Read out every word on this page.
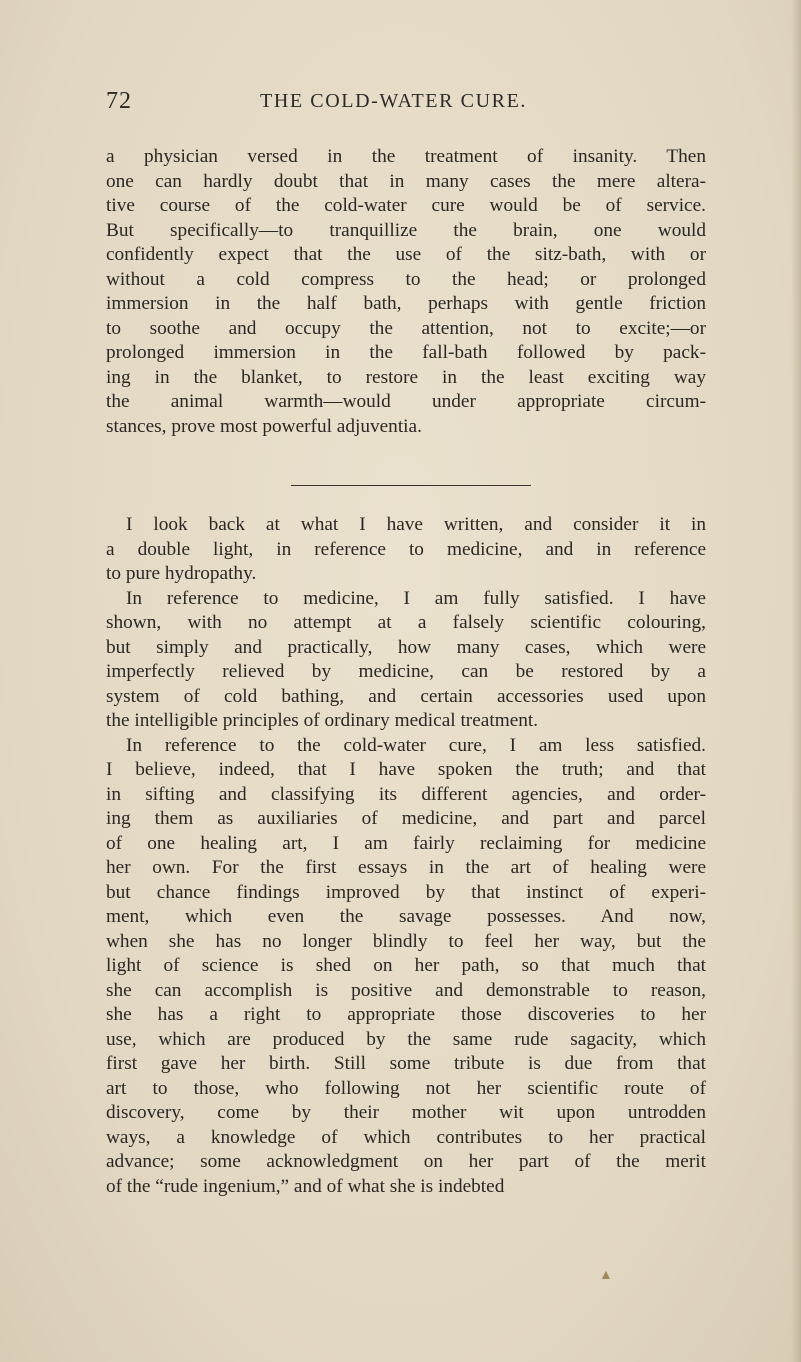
72	THE COLD-WATER CURE.
a physician versed in the treatment of insanity. Then
one can hardly doubt that in many cases the mere altera-
tive course of the cold-water cure would be of service.
But specifically—to tranquillize the brain, one would
confidently expect that the use of the sitz-bath, with or
without a cold compress to the head; or prolonged
immersion in the half bath, perhaps with gentle friction
to soothe and occupy the attention, not to excite;—or
prolonged immersion in the fall-bath followed by pack-
ing in the blanket, to restore in the least exciting way
the animal warmth—would under appropriate circum-
stances, prove most powerful adjuventia.
I look back at what I have written, and consider it in
a double light, in reference to medicine, and in reference
to pure hydropathy.
In reference to medicine, I am fully satisfied. I have
shown, with no attempt at a falsely scientific colouring,
but simply and practically, how many cases, which were
imperfectly relieved by medicine, can be restored by a
system of cold bathing, and certain accessories used upon
the intelligible principles of ordinary medical treatment.
In reference to the cold-water cure, I am less satisfied.
I believe, indeed, that I have spoken the truth; and that
in sifting and classifying its different agencies, and order-
ing them as auxiliaries of medicine, and part and parcel
of one healing art, I am fairly reclaiming for medicine
her own. For the first essays in the art of healing were
but chance findings improved by that instinct of experi-
ment, which even the savage possesses. And now,
when she has no longer blindly to feel her way, but the
light of science is shed on her path, so that much that
she can accomplish is positive and demonstrable to reason,
she has a right to appropriate those discoveries to her
use, which are produced by the same rude sagacity, which
first gave her birth. Still some tribute is due from that
art to those, who following not her scientific route of
discovery, come by their mother wit upon untrodden
ways, a knowledge of which contributes to her practical
advance; some acknowledgment on her part of the merit
of the “rude ingenium,” and of what she is indebted
▲
